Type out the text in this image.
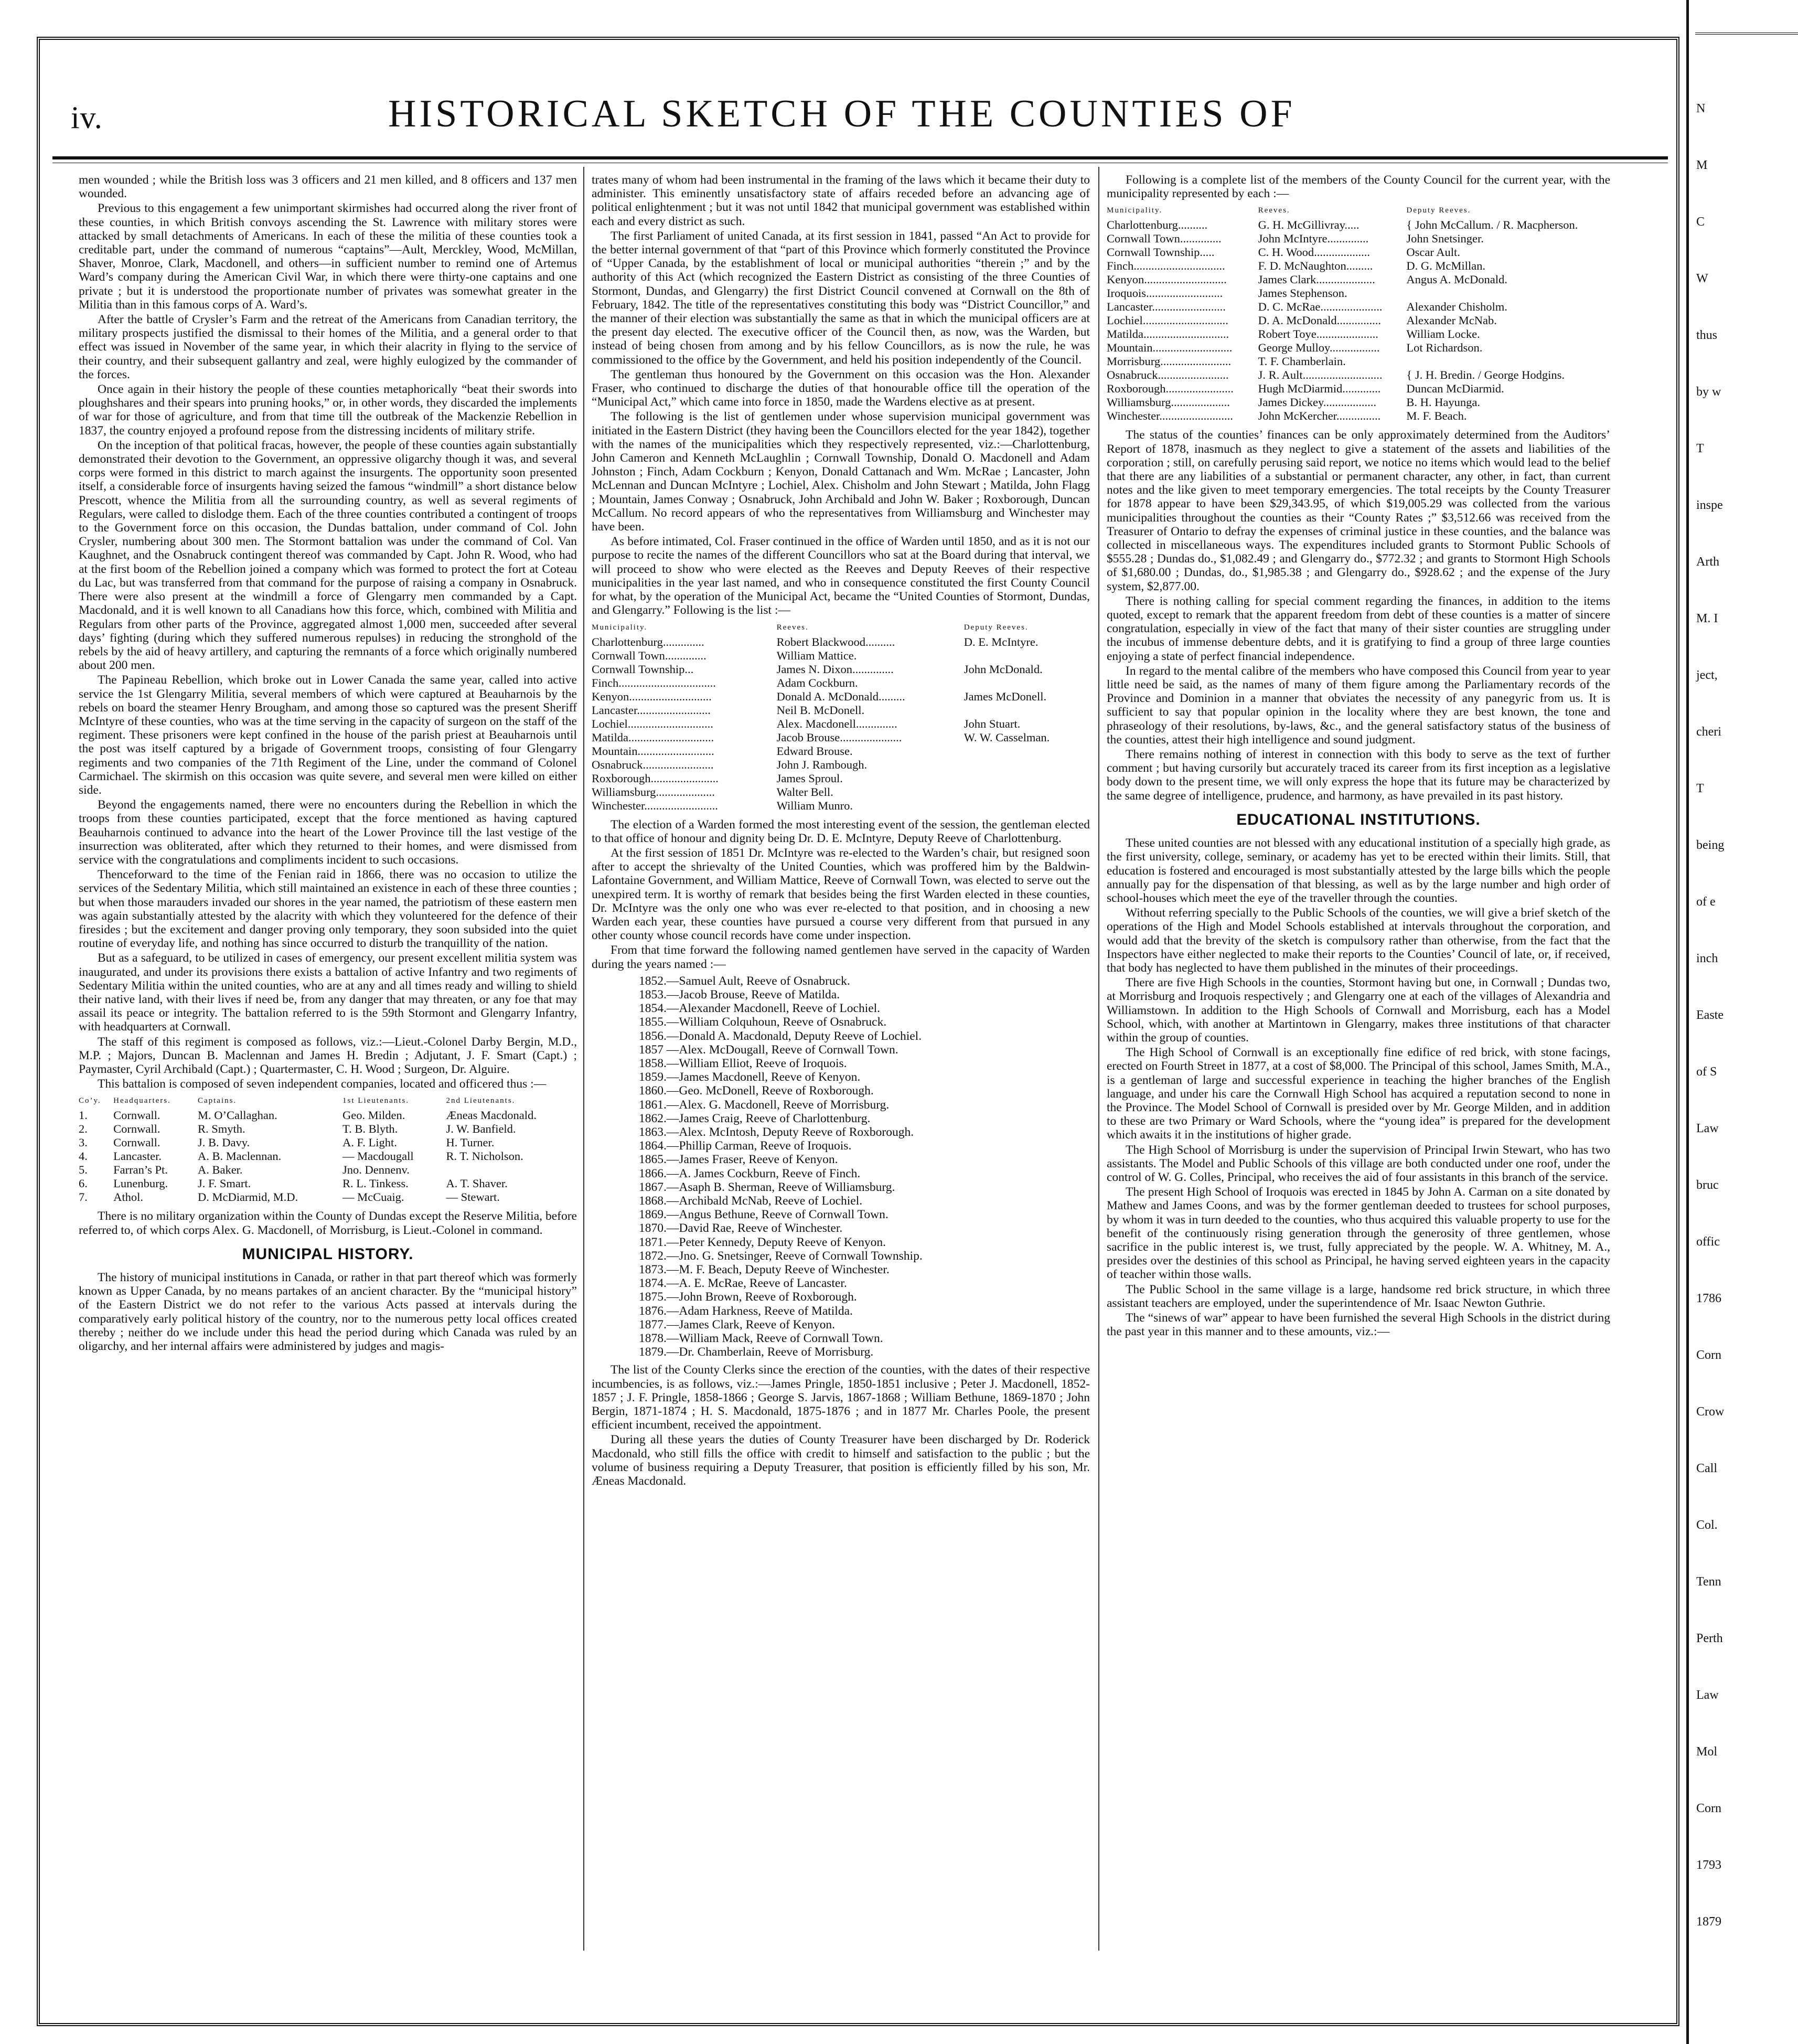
iv.	HISTORICAL SKETCH OF THE COUNTIES OF

men wounded ; while the British loss was 3 officers and 21 men killed, and 8 officers and 137 men wounded.

Previous to this engagement a few unimportant skirmishes had occurred along the river front of these counties, in which British convoys ascending the St. Lawrence with military stores were attacked by small detachments of Americans. In each of these the militia of these counties took a creditable part, under the command of numerous “captains”—Ault, Merckley, Wood, McMillan, Shaver, Monroe, Clark, Macdonell, and others—in sufficient number to remind one of Artemus Ward’s company during the American Civil War, in which there were thirty-one captains and one private ; but it is understood the proportionate number of privates was somewhat greater in the Militia than in this famous corps of A. Ward’s.

After the battle of Crysler’s Farm and the retreat of the Americans from Canadian territory, the military prospects justified the dismissal to their homes of the Militia, and a general order to that effect was issued in November of the same year, in which their alacrity in flying to the service of their country, and their subsequent gallantry and zeal, were highly eulogized by the commander of the forces.

Once again in their history the people of these counties metaphorically “beat their swords into ploughshares and their spears into pruning hooks,” or, in other words, they discarded the implements of war for those of agriculture, and from that time till the outbreak of the Mackenzie Rebellion in 1837, the country enjoyed a profound repose from the distressing incidents of military strife.

On the inception of that political fracas, however, the people of these counties again substantially demonstrated their devotion to the Government, an oppressive oligarchy though it was, and several corps were formed in this district to march against the insurgents. The opportunity soon presented itself, a considerable force of insurgents having seized the famous “windmill” a short distance below Prescott, whence the Militia from all the surrounding country, as well as several regiments of Regulars, were called to dislodge them. Each of the three counties contributed a contingent of troops to the Government force on this occasion, the Dundas battalion, under command of Col. John Crysler, numbering about 300 men. The Stormont battalion was under the command of Col. Van Kaughnet, and the Osnabruck contingent thereof was commanded by Capt. John R. Wood, who had at the first boom of the Rebellion joined a company which was formed to protect the fort at Coteau du Lac, but was transferred from that command for the purpose of raising a company in Osnabruck. There were also present at the windmill a force of Glengarry men commanded by a Capt. Macdonald, and it is well known to all Canadians how this force, which, combined with Militia and Regulars from other parts of the Province, aggregated almost 1,000 men, succeeded after several days’ fighting (during which they suffered numerous repulses) in reducing the stronghold of the rebels by the aid of heavy artillery, and capturing the remnants of a force which originally numbered about 200 men.

The Papineau Rebellion, which broke out in Lower Canada the same year, called into active service the 1st Glengarry Militia, several members of which were captured at Beauharnois by the rebels on board the steamer Henry Brougham, and among those so captured was the present Sheriff McIntyre of these counties, who was at the time serving in the capacity of surgeon on the staff of the regiment. These prisoners were kept confined in the house of the parish priest at Beauharnois until the post was itself captured by a brigade of Government troops, consisting of four Glengarry regiments and two companies of the 71th Regiment of the Line, under the command of Colonel Carmichael. The skirmish on this occasion was quite severe, and several men were killed on either side.

Beyond the engagements named, there were no encounters during the Rebellion in which the troops from these counties participated, except that the force mentioned as having captured Beauharnois continued to advance into the heart of the Lower Province till the last vestige of the insurrection was obliterated, after which they returned to their homes, and were dismissed from service with the congratulations and compliments incident to such occasions.

Thenceforward to the time of the Fenian raid in 1866, there was no occasion to utilize the services of the Sedentary Militia, which still maintained an existence in each of these three counties ; but when those marauders invaded our shores in the year named, the patriotism of these eastern men was again substantially attested by the alacrity with which they volunteered for the defence of their firesides ; but the excitement and danger proving only temporary, they soon subsided into the quiet routine of everyday life, and nothing has since occurred to disturb the tranquillity of the nation.

But as a safeguard, to be utilized in cases of emergency, our present excellent militia system was inaugurated, and under its provisions there exists a battalion of active Infantry and two regiments of Sedentary Militia within the united counties, who are at any and all times ready and willing to shield their native land, with their lives if need be, from any danger that may threaten, or any foe that may assail its peace or integrity. The battalion referred to is the 59th Stormont and Glengarry Infantry, with headquarters at Cornwall.

The staff of this regiment is composed as follows, viz.:—Lieut.-Colonel Darby Bergin, M.D., M.P. ; Majors, Duncan B. Maclennan and James H. Bredin ; Adjutant, J. F. Smart (Capt.) ; Paymaster, Cyril Archibald (Capt.) ; Quartermaster, C. H. Wood ; Surgeon, Dr. Alguire.

This battalion is composed of seven independent companies, located and officered thus :—

Co’y.	Headquarters.	Captains.	1st Lieutenants.	2nd Lieutenants.
1.	Cornwall.	M. O’Callaghan.	Geo. Milden.	Æneas Macdonald.
2.	Cornwall.	R. Smyth.	T. B. Blyth.	J. W. Banfield.
3.	Cornwall.	J. B. Davy.	A. F. Light.	H. Turner.
4.	Lancaster.	A. B. Maclennan.	— Macdougall	R. T. Nicholson.
5.	Farran’s Pt.	A. Baker.	Jno. Dennenv.	
6.	Lunenburg.	J. F. Smart.	R. L. Tinkess.	A. T. Shaver.
7.	Athol.	D. McDiarmid, M.D.	— McCuaig.	— Stewart.

There is no military organization within the County of Dundas except the Reserve Militia, before referred to, of which corps Alex. G. Macdonell, of Morrisburg, is Lieut.-Colonel in command.

MUNICIPAL HISTORY.

The history of municipal institutions in Canada, or rather in that part thereof which was formerly known as Upper Canada, by no means partakes of an ancient character. By the “municipal history” of the Eastern District we do not refer to the various Acts passed at intervals during the comparatively early political history of the country, nor to the numerous petty local offices created thereby ; neither do we include under this head the period during which Canada was ruled by an oligarchy, and her internal affairs were administered by judges and magis-

trates many of whom had been instrumental in the framing of the laws which it became their duty to administer. This eminently unsatisfactory state of affairs receded before an advancing age of political enlightenment ; but it was not until 1842 that municipal government was established within each and every district as such.

The first Parliament of united Canada, at its first session in 1841, passed “An Act to provide for the better internal government of that “part of this Province which formerly constituted the Province of “Upper Canada, by the establishment of local or municipal authorities “therein ;” and by the authority of this Act (which recognized the Eastern District as consisting of the three Counties of Stormont, Dundas, and Glengarry) the first District Council convened at Cornwall on the 8th of February, 1842. The title of the representatives constituting this body was “District Councillor,” and the manner of their election was substantially the same as that in which the municipal officers are at the present day elected. The executive officer of the Council then, as now, was the Warden, but instead of being chosen from among and by his fellow Councillors, as is now the rule, he was commissioned to the office by the Government, and held his position independently of the Council.

The gentleman thus honoured by the Government on this occasion was the Hon. Alexander Fraser, who continued to discharge the duties of that honourable office till the operation of the “Municipal Act,” which came into force in 1850, made the Wardens elective as at present.

The following is the list of gentlemen under whose supervision municipal government was initiated in the Eastern District (they having been the Councillors elected for the year 1842), together with the names of the municipalities which they respectively represented, viz.:—Charlottenburg, John Cameron and Kenneth McLaughlin ; Cornwall Township, Donald O. Macdonell and Adam Johnston ; Finch, Adam Cockburn ; Kenyon, Donald Cattanach and Wm. McRae ; Lancaster, John McLennan and Duncan McIntyre ; Lochiel, Alex. Chisholm and John Stewart ; Matilda, John Flagg ; Mountain, James Conway ; Osnabruck, John Archibald and John W. Baker ; Roxborough, Duncan McCallum. No record appears of who the representatives from Williamsburg and Winchester may have been.

As before intimated, Col. Fraser continued in the office of Warden until 1850, and as it is not our purpose to recite the names of the different Councillors who sat at the Board during that interval, we will proceed to show who were elected as the Reeves and Deputy Reeves of their respective municipalities in the year last named, and who in consequence constituted the first County Council for what, by the operation of the Municipal Act, became the “United Counties of Stormont, Dundas, and Glengarry.” Following is the list :—

Municipality.	Reeves.	Deputy Reeves.
Charlottenburg..............	Robert Blackwood..........	D. E. McIntyre.
Cornwall Town..............	William Mattice.	
Cornwall Township...	James N. Dixon..............	John McDonald.
Finch.................................	Adam Cockburn.	
Kenyon............................	Donald A. McDonald.........	James McDonell.
Lancaster.........................	Neil B. McDonell.	
Lochiel.............................	Alex. Macdonell..............	John Stuart.
Matilda.............................	Jacob Brouse.....................	W. W. Casselman.
Mountain..........................	Edward Brouse.	
Osnabruck........................	John J. Rambough.	
Roxborough.......................	James Sproul.	
Williamsburg....................	Walter Bell.	
Winchester.........................	William Munro.	

The election of a Warden formed the most interesting event of the session, the gentleman elected to that office of honour and dignity being Dr. D. E. McIntyre, Deputy Reeve of Charlottenburg.

At the first session of 1851 Dr. McIntyre was re-elected to the Warden’s chair, but resigned soon after to accept the shrievalty of the United Counties, which was proffered him by the Baldwin-Lafontaine Government, and William Mattice, Reeve of Cornwall Town, was elected to serve out the unexpired term. It is worthy of remark that besides being the first Warden elected in these counties, Dr. McIntyre was the only one who was ever re-elected to that position, and in choosing a new Warden each year, these counties have pursued a course very different from that pursued in any other county whose council records have come under inspection.

From that time forward the following named gentlemen have served in the capacity of Warden during the years named :—

1852.—Samuel Ault, Reeve of Osnabruck.
1853.—Jacob Brouse, Reeve of Matilda.
1854.—Alexander Macdonell, Reeve of Lochiel.
1855.—William Colquhoun, Reeve of Osnabruck.
1856.—Donald A. Macdonald, Deputy Reeve of Lochiel.
1857 —Alex. McDougall, Reeve of Cornwall Town.
1858.—William Elliot, Reeve of Iroquois.
1859.—James Macdonell, Reeve of Kenyon.
1860.—Geo. McDonell, Reeve of Roxborough.
1861.—Alex. G. Macdonell, Reeve of Morrisburg.
1862.—James Craig, Reeve of Charlottenburg.
1863.—Alex. McIntosh, Deputy Reeve of Roxborough.
1864.—Phillip Carman, Reeve of Iroquois.
1865.—James Fraser, Reeve of Kenyon.
1866.—A. James Cockburn, Reeve of Finch.
1867.—Asaph B. Sherman, Reeve of Williamsburg.
1868.—Archibald McNab, Reeve of Lochiel.
1869.—Angus Bethune, Reeve of Cornwall Town.
1870.—David Rae, Reeve of Winchester.
1871.—Peter Kennedy, Deputy Reeve of Kenyon.
1872.—Jno. G. Snetsinger, Reeve of Cornwall Township.
1873.—M. F. Beach, Deputy Reeve of Winchester.
1874.—A. E. McRae, Reeve of Lancaster.
1875.—John Brown, Reeve of Roxborough.
1876.—Adam Harkness, Reeve of Matilda.
1877.—James Clark, Reeve of Kenyon.
1878.—William Mack, Reeve of Cornwall Town.
1879.—Dr. Chamberlain, Reeve of Morrisburg.

The list of the County Clerks since the erection of the counties, with the dates of their respective incumbencies, is as follows, viz.:—James Pringle, 1850-1851 inclusive ; Peter J. Macdonell, 1852-1857 ; J. F. Pringle, 1858-1866 ; George S. Jarvis, 1867-1868 ; William Bethune, 1869-1870 ; John Bergin, 1871-1874 ; H. S. Macdonald, 1875-1876 ; and in 1877 Mr. Charles Poole, the present efficient incumbent, received the appointment.

During all these years the duties of County Treasurer have been discharged by Dr. Roderick Macdonald, who still fills the office with credit to himself and satisfaction to the public ; but the volume of business requiring a Deputy Treasurer, that position is efficiently filled by his son, Mr. Æneas Macdonald.

Following is a complete list of the members of the County Council for the current year, with the municipality represented by each :—

Municipality.	Reeves.	Deputy Reeves.
Charlottenburg..........	G. H. McGillivray.....	{ John McCallum. / R. Macpherson.
Cornwall Town..............	John McIntyre..............	John Snetsinger.
Cornwall Township.....	C. H. Wood...................	Oscar Ault.
Finch...............................	F. D. McNaughton.........	D. G. McMillan.
Kenyon............................	James Clark....................	Angus A. McDonald.
Iroquois..........................	James Stephenson.	
Lancaster.........................	D. C. McRae.....................	Alexander Chisholm.
Lochiel.............................	D. A. McDonald...............	Alexander McNab.
Matilda.............................	Robert Toye.....................	William Locke.
Mountain...........................	George Mulloy.................	Lot Richardson.
Morrisburg........................	T. F. Chamberlain.	
Osnabruck........................	J. R. Ault...........................	{ J. H. Bredin. / George Hodgins.
Roxborough.......................	Hugh McDiarmid.............	Duncan McDiarmid.
Williamsburg....................	James Dickey..................	B. H. Hayunga.
Winchester.........................	John McKercher...............	M. F. Beach.

The status of the counties’ finances can be only approximately determined from the Auditors’ Report of 1878, inasmuch as they neglect to give a statement of the assets and liabilities of the corporation ; still, on carefully perusing said report, we notice no items which would lead to the belief that there are any liabilities of a substantial or permanent character, any other, in fact, than current notes and the like given to meet temporary emergencies. The total receipts by the County Treasurer for 1878 appear to have been $29,343.95, of which $19,005.29 was collected from the various municipalities throughout the counties as their “County Rates ;” $3,512.66 was received from the Treasurer of Ontario to defray the expenses of criminal justice in these counties, and the balance was collected in miscellaneous ways. The expenditures included grants to Stormont Public Schools of $555.28 ; Dundas do., $1,082.49 ; and Glengarry do., $772.32 ; and grants to Stormont High Schools of $1,680.00 ; Dundas, do., $1,985.38 ; and Glengarry do., $928.62 ; and the expense of the Jury system, $2,877.00.

There is nothing calling for special comment regarding the finances, in addition to the items quoted, except to remark that the apparent freedom from debt of these counties is a matter of sincere congratulation, especially in view of the fact that many of their sister counties are struggling under the incubus of immense debenture debts, and it is gratifying to find a group of three large counties enjoying a state of perfect financial independence.

In regard to the mental calibre of the members who have composed this Council from year to year little need be said, as the names of many of them figure among the Parliamentary records of the Province and Dominion in a manner that obviates the necessity of any panegyric from us. It is sufficient to say that popular opinion in the locality where they are best known, the tone and phraseology of their resolutions, by-laws, &c., and the general satisfactory status of the business of the counties, attest their high intelligence and sound judgment.

There remains nothing of interest in connection with this body to serve as the text of further comment ; but having cursorily but accurately traced its career from its first inception as a legislative body down to the present time, we will only express the hope that its future may be characterized by the same degree of intelligence, prudence, and harmony, as have prevailed in its past history.

EDUCATIONAL INSTITUTIONS.

These united counties are not blessed with any educational institution of a specially high grade, as the first university, college, seminary, or academy has yet to be erected within their limits. Still, that education is fostered and encouraged is most substantially attested by the large bills which the people annually pay for the dispensation of that blessing, as well as by the large number and high order of school-houses which meet the eye of the traveller through the counties.

Without referring specially to the Public Schools of the counties, we will give a brief sketch of the operations of the High and Model Schools established at intervals throughout the corporation, and would add that the brevity of the sketch is compulsory rather than otherwise, from the fact that the Inspectors have either neglected to make their reports to the Counties’ Council of late, or, if received, that body has neglected to have them published in the minutes of their proceedings.

There are five High Schools in the counties, Stormont having but one, in Cornwall ; Dundas two, at Morrisburg and Iroquois respectively ; and Glengarry one at each of the villages of Alexandria and Williamstown. In addition to the High Schools of Cornwall and Morrisburg, each has a Model School, which, with another at Martintown in Glengarry, makes three institutions of that character within the group of counties.

The High School of Cornwall is an exceptionally fine edifice of red brick, with stone facings, erected on Fourth Street in 1877, at a cost of $8,000. The Principal of this school, James Smith, M.A., is a gentleman of large and successful experience in teaching the higher branches of the English language, and under his care the Cornwall High School has acquired a reputation second to none in the Province. The Model School of Cornwall is presided over by Mr. George Milden, and in addition to these are two Primary or Ward Schools, where the “young idea” is prepared for the development which awaits it in the institutions of higher grade.

The High School of Morrisburg is under the supervision of Principal Irwin Stewart, who has two assistants. The Model and Public Schools of this village are both conducted under one roof, under the control of W. G. Colles, Principal, who receives the aid of four assistants in this branch of the service.

The present High School of Iroquois was erected in 1845 by John A. Carman on a site donated by Mathew and James Coons, and was by the former gentleman deeded to trustees for school purposes, by whom it was in turn deeded to the counties, who thus acquired this valuable property to use for the benefit of the continuously rising generation through the generosity of three gentlemen, whose sacrifice in the public interest is, we trust, fully appreciated by the people. W. A. Whitney, M. A., presides over the destinies of this school as Principal, he having served eighteen years in the capacity of teacher within those walls.

The Public School in the same village is a large, handsome red brick structure, in which three assistant teachers are employed, under the superintendence of Mr. Isaac Newton Guthrie.

The “sinews of war” appear to have been furnished the several High Schools in the district during the past year in this manner and to these amounts, viz.:—

N
M
C
W
thus
by w
T
inspe
Arth
M. I
ject,
cheri
T
being
of e
inch
Easte
of S
Law
bruc
offic
1786
Corn
Crow
Call
Col.
Tenn
Perth
Law
Mol
Corn
1793
1879
